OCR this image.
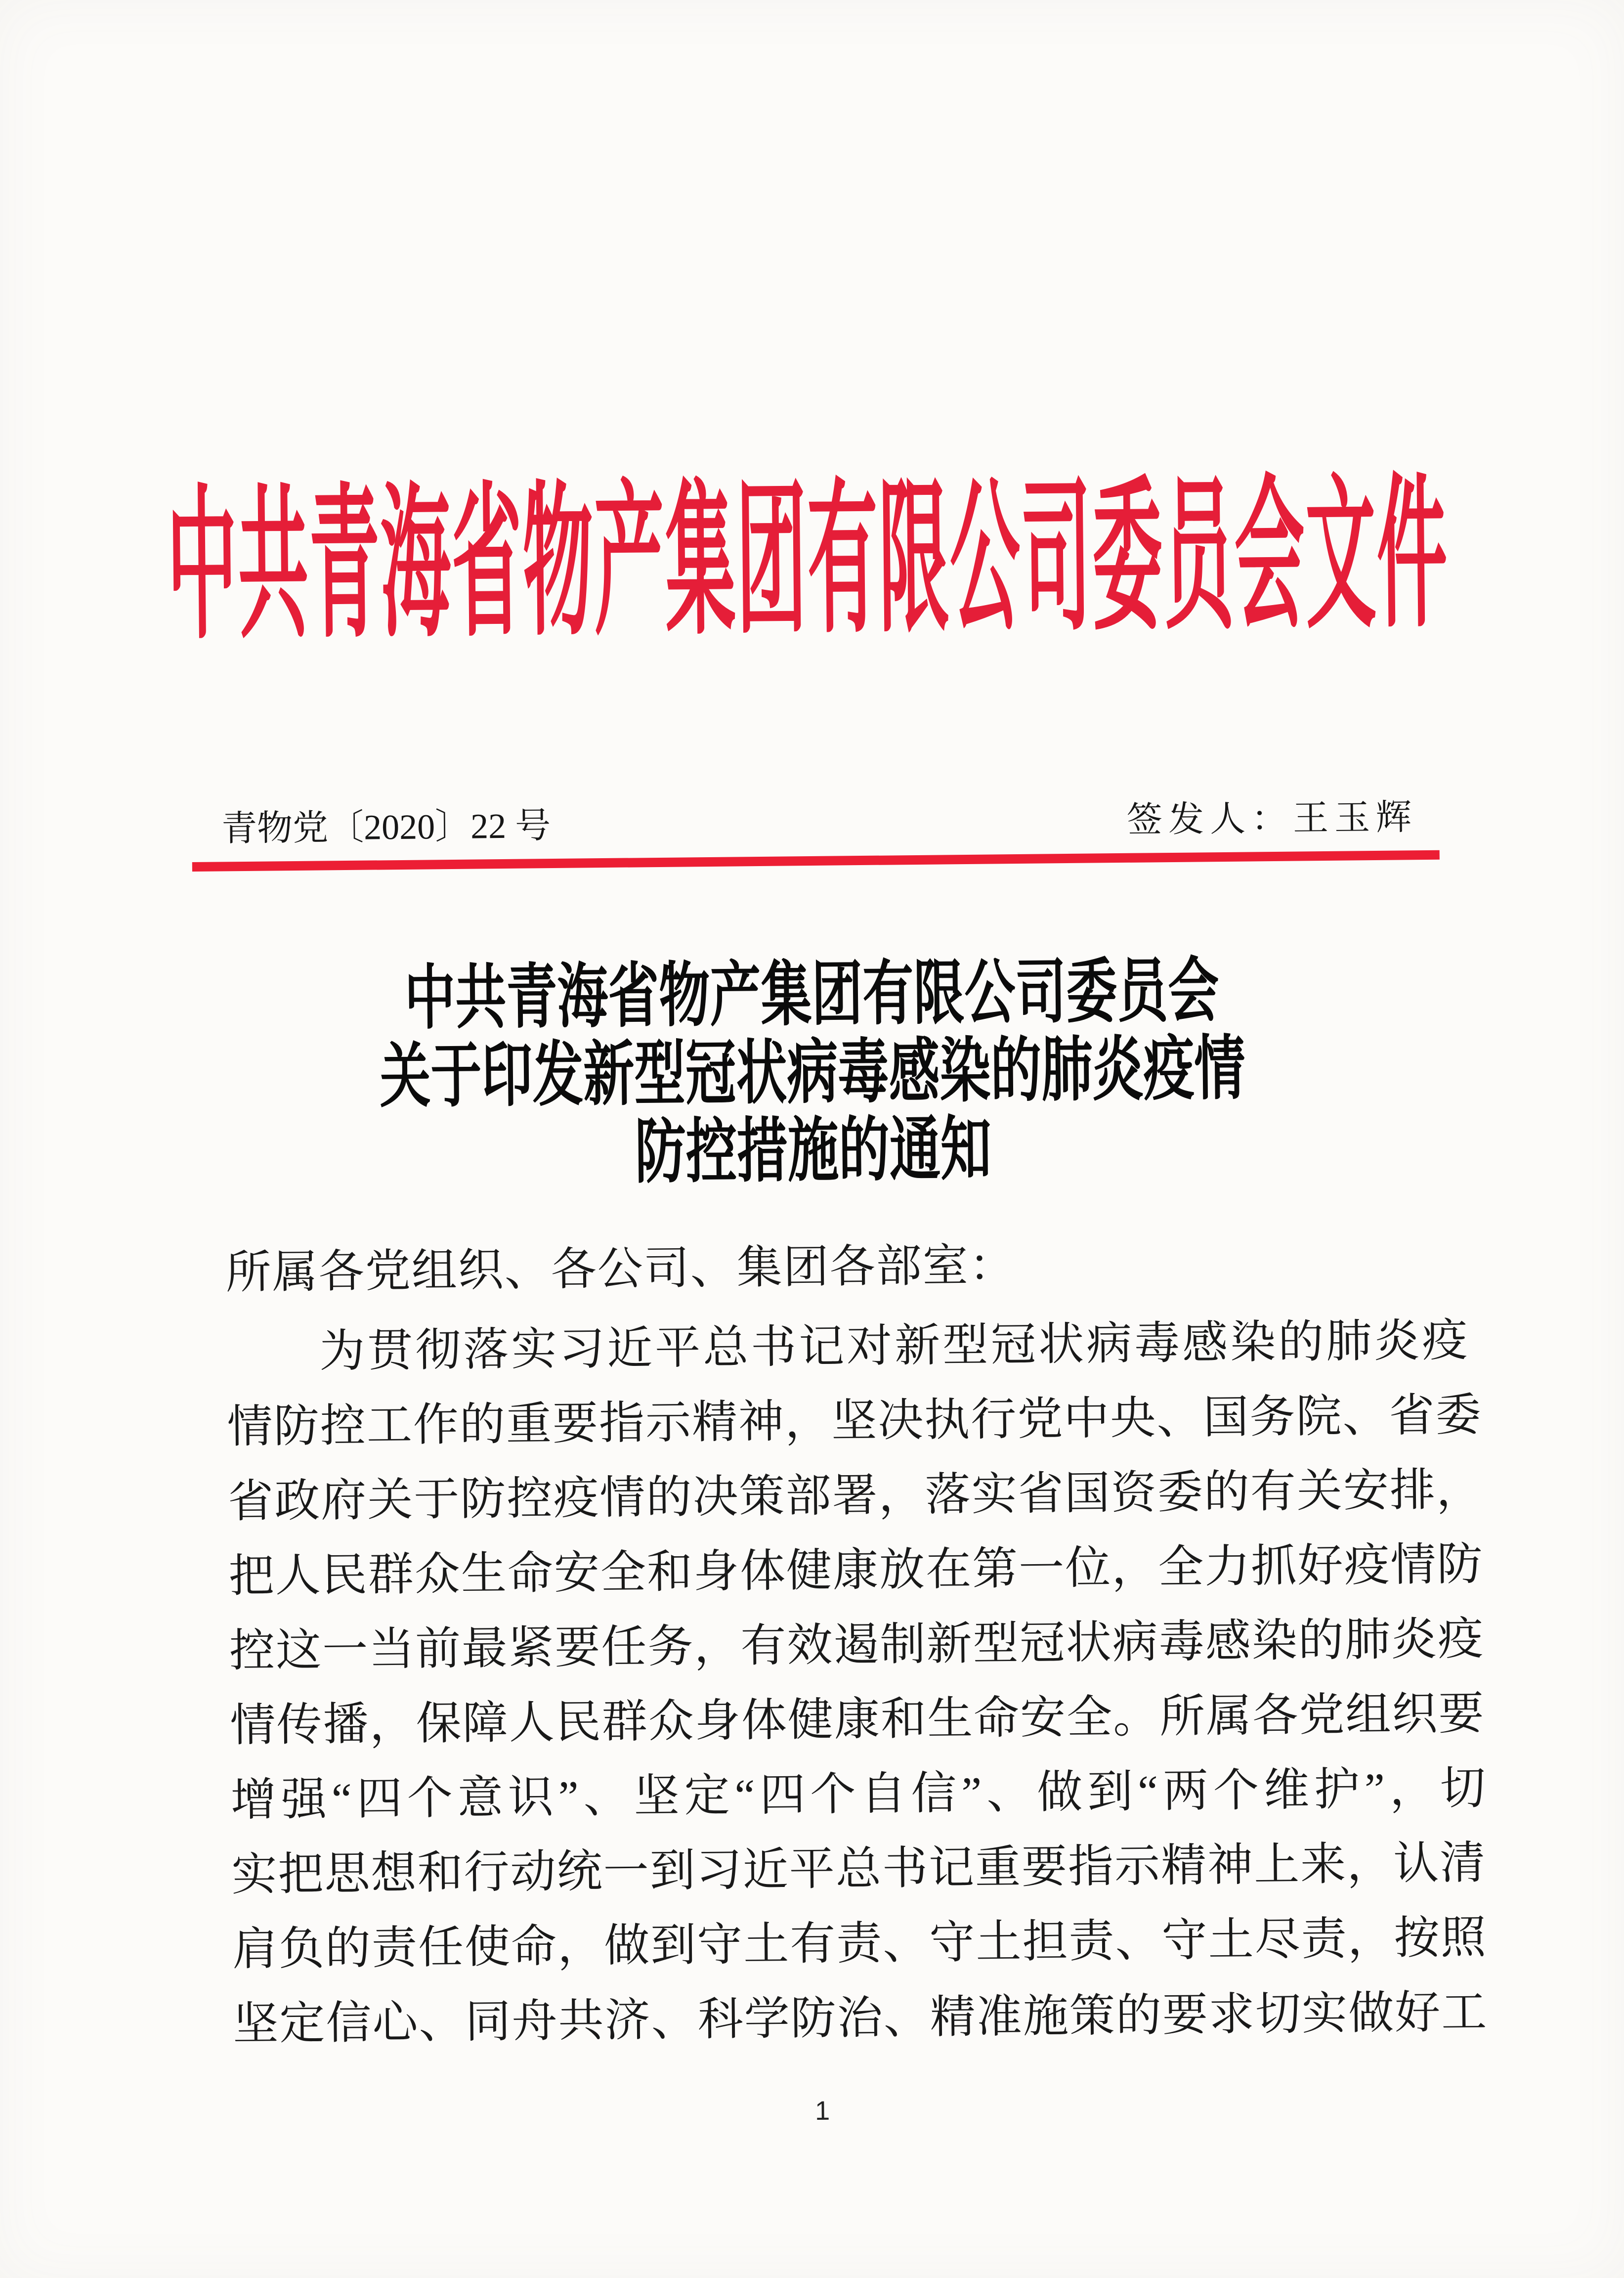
中共青海省物产集团有限公司委员会文件
青物党〔2020〕22 号	签发人：王玉辉
中共青海省物产集团有限公司委员会
关于印发新型冠状病毒感染的肺炎疫情
防控措施的通知
所属各党组织、各公司、集团各部室：
为贯彻落实习近平总书记对新型冠状病毒感染的肺炎疫
情防控工作的重要指示精神，坚决执行党中央、国务院、省委
省政府关于防控疫情的决策部署，落实省国资委的有关安排，
把人民群众生命安全和身体健康放在第一位，全力抓好疫情防
控这一当前最紧要任务，有效遏制新型冠状病毒感染的肺炎疫
情传播，保障人民群众身体健康和生命安全。所属各党组织要
增强“四个意识”、坚定“四个自信”、做到“两个维护”，切
实把思想和行动统一到习近平总书记重要指示精神上来，认清
肩负的责任使命，做到守土有责、守土担责、守土尽责，按照
坚定信心、同舟共济、科学防治、精准施策的要求切实做好工
1
